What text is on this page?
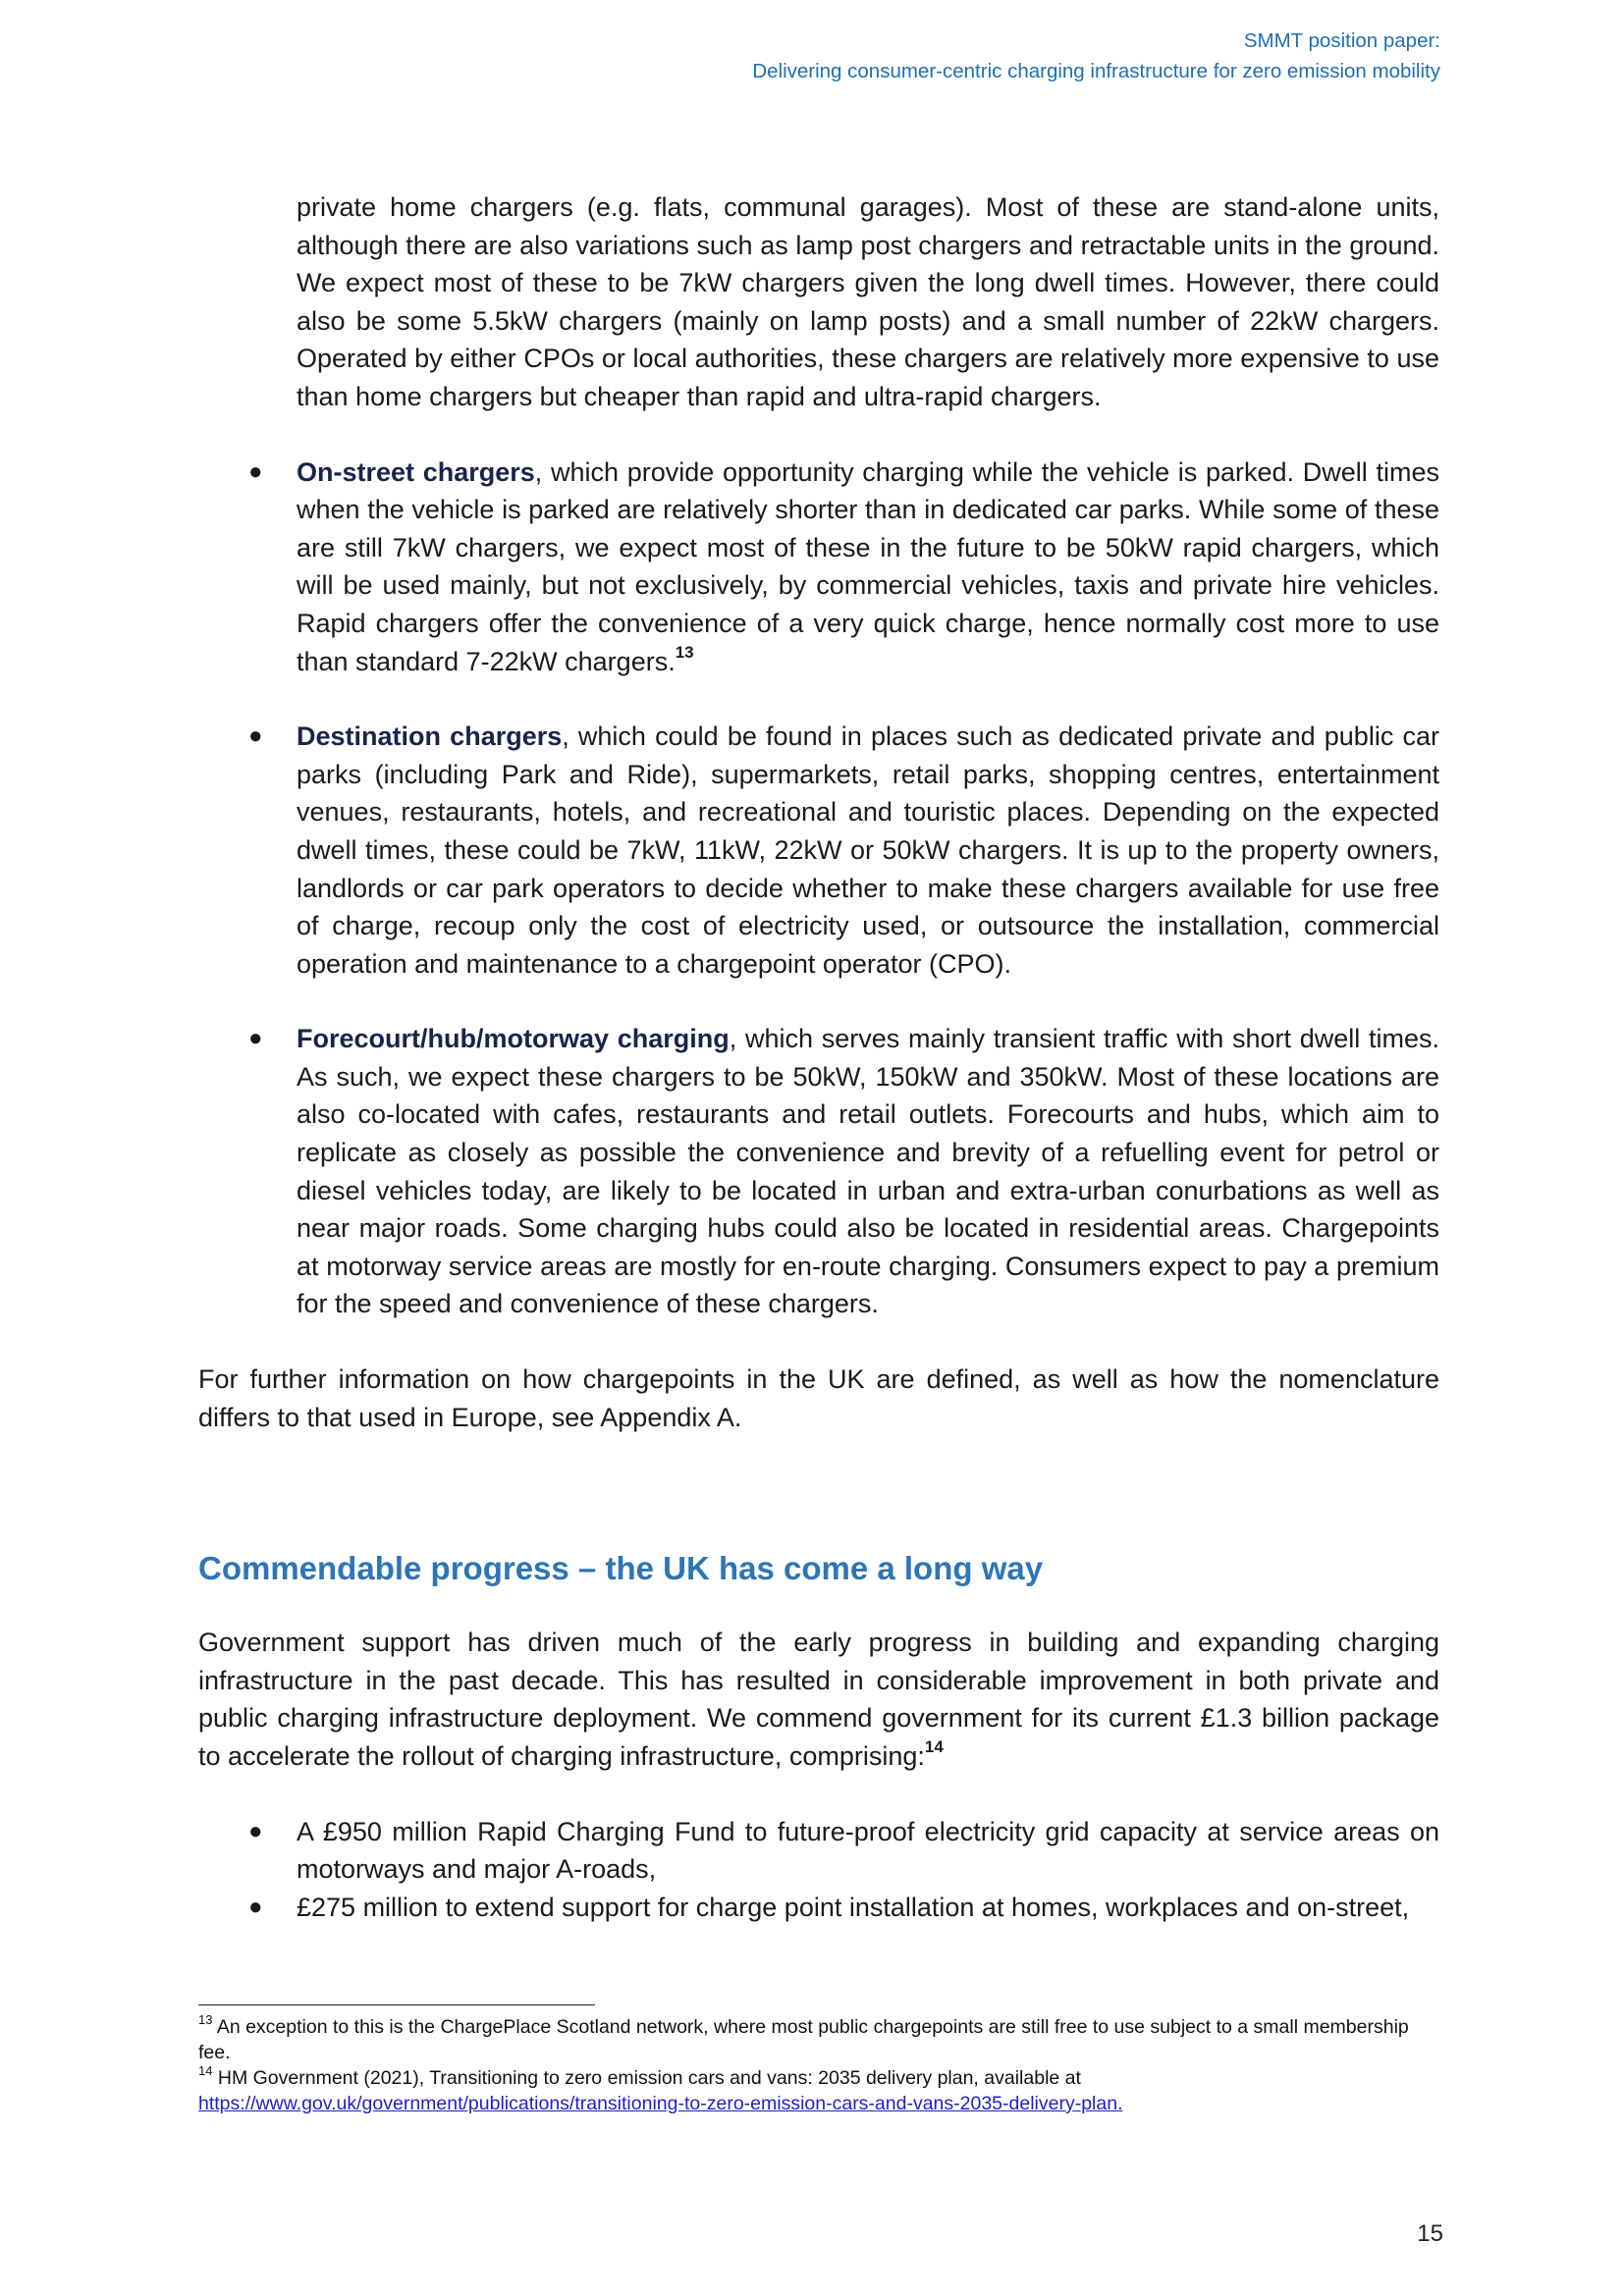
SMMT position paper:
Delivering consumer-centric charging infrastructure for zero emission mobility

private home chargers (e.g. flats, communal garages). Most of these are stand-alone units, although there are also variations such as lamp post chargers and retractable units in the ground. We expect most of these to be 7kW chargers given the long dwell times. However, there could also be some 5.5kW chargers (mainly on lamp posts) and a small number of 22kW chargers. Operated by either CPOs or local authorities, these chargers are relatively more expensive to use than home chargers but cheaper than rapid and ultra-rapid chargers.

● On-street chargers, which provide opportunity charging while the vehicle is parked. Dwell times when the vehicle is parked are relatively shorter than in dedicated car parks. While some of these are still 7kW chargers, we expect most of these in the future to be 50kW rapid chargers, which will be used mainly, but not exclusively, by commercial vehicles, taxis and private hire vehicles. Rapid chargers offer the convenience of a very quick charge, hence normally cost more to use than standard 7-22kW chargers.$^{13}$
● Destination chargers, which could be found in places such as dedicated private and public car parks (including Park and Ride), supermarkets, retail parks, shopping centres, entertainment venues, restaurants, hotels, and recreational and touristic places. Depending on the expected dwell times, these could be 7kW, 11kW, 22kW or 50kW chargers. It is up to the property owners, landlords or car park operators to decide whether to make these chargers available for use free of charge, recoup only the cost of electricity used, or outsource the installation, commercial operation and maintenance to a chargepoint operator (CPO).
● Forecourt/hub/motorway charging, which serves mainly transient traffic with short dwell times. As such, we expect these chargers to be 50kW, 150kW and 350kW. Most of these locations are also co-located with cafes, restaurants and retail outlets. Forecourts and hubs, which aim to replicate as closely as possible the convenience and brevity of a refuelling event for petrol or diesel vehicles today, are likely to be located in urban and extra-urban conurbations as well as near major roads. Some charging hubs could also be located in residential areas. Chargepoints at motorway service areas are mostly for en-route charging. Consumers expect to pay a premium for the speed and convenience of these chargers.

For further information on how chargepoints in the UK are defined, as well as how the nomenclature differs to that used in Europe, see Appendix A.

Commendable progress – the UK has come a long way

Government support has driven much of the early progress in building and expanding charging infrastructure in the past decade. This has resulted in considerable improvement in both private and public charging infrastructure deployment. We commend government for its current £1.3 billion package to accelerate the rollout of charging infrastructure, comprising:$^{14}$

● A £950 million Rapid Charging Fund to future-proof electricity grid capacity at service areas on motorways and major A-roads,
● £275 million to extend support for charge point installation at homes, workplaces and on-street,
$^{13}$ An exception to this is the ChargePlace Scotland network, where most public chargepoints are still free to use subject to a small membership fee.
$^{14}$ HM Government (2021), Transitioning to zero emission cars and vans: 2035 delivery plan, available at
https://www.gov.uk/government/publications/transitioning-to-zero-emission-cars-and-vans-2035-delivery-plan.
15
